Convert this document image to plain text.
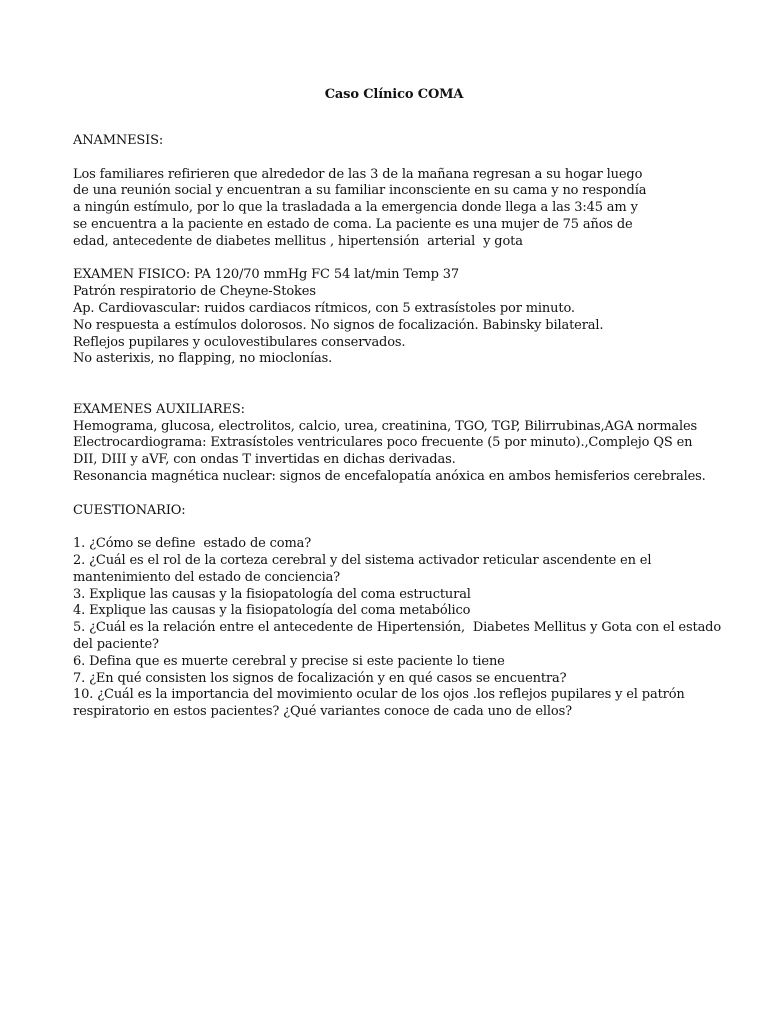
Caso Clínico COMA
ANAMNESIS:
Los familiares refirieren que alrededor de las 3 de la mañana regresan a su hogar luego
de una reunión social y encuentran a su familiar inconsciente en su cama y no respondía
a ningún estímulo, por lo que la trasladada a la emergencia donde llega a las 3:45 am y
se encuentra a la paciente en estado de coma. La paciente es una mujer de 75 años de
edad, antecedente de diabetes mellitus , hipertensión  arterial  y gota
EXAMEN FISICO: PA 120/70 mmHg FC 54 lat/min Temp 37
Patrón respiratorio de Cheyne-Stokes
Ap. Cardiovascular: ruidos cardiacos rítmicos, con 5 extrasístoles por minuto.
No respuesta a estímulos dolorosos. No signos de focalización. Babinsky bilateral.
Reflejos pupilares y oculovestibulares conservados.
No asterixis, no flapping, no mioclonías.
EXAMENES AUXILIARES:
Hemograma, glucosa, electrolitos, calcio, urea, creatinina, TGO, TGP, Bilirrubinas,AGA normales
Electrocardiograma: Extrasístoles ventriculares poco frecuente (5 por minuto).,Complejo QS en
DII, DIII y aVF, con ondas T invertidas en dichas derivadas.
Resonancia magnética nuclear: signos de encefalopatía anóxica en ambos hemisferios cerebrales.
CUESTIONARIO:
1. ¿Cómo se define  estado de coma?
2. ¿Cuál es el rol de la corteza cerebral y del sistema activador reticular ascendente en el
mantenimiento del estado de conciencia?
3. Explique las causas y la fisiopatología del coma estructural
4. Explique las causas y la fisiopatología del coma metabólico
5. ¿Cuál es la relación entre el antecedente de Hipertensión,  Diabetes Mellitus y Gota con el estado
del paciente?
6. Defina que es muerte cerebral y precise si este paciente lo tiene
7. ¿En qué consisten los signos de focalización y en qué casos se encuentra?
10. ¿Cuál es la importancia del movimiento ocular de los ojos .los reflejos pupilares y el patrón
respiratorio en estos pacientes? ¿Qué variantes conoce de cada uno de ellos?
